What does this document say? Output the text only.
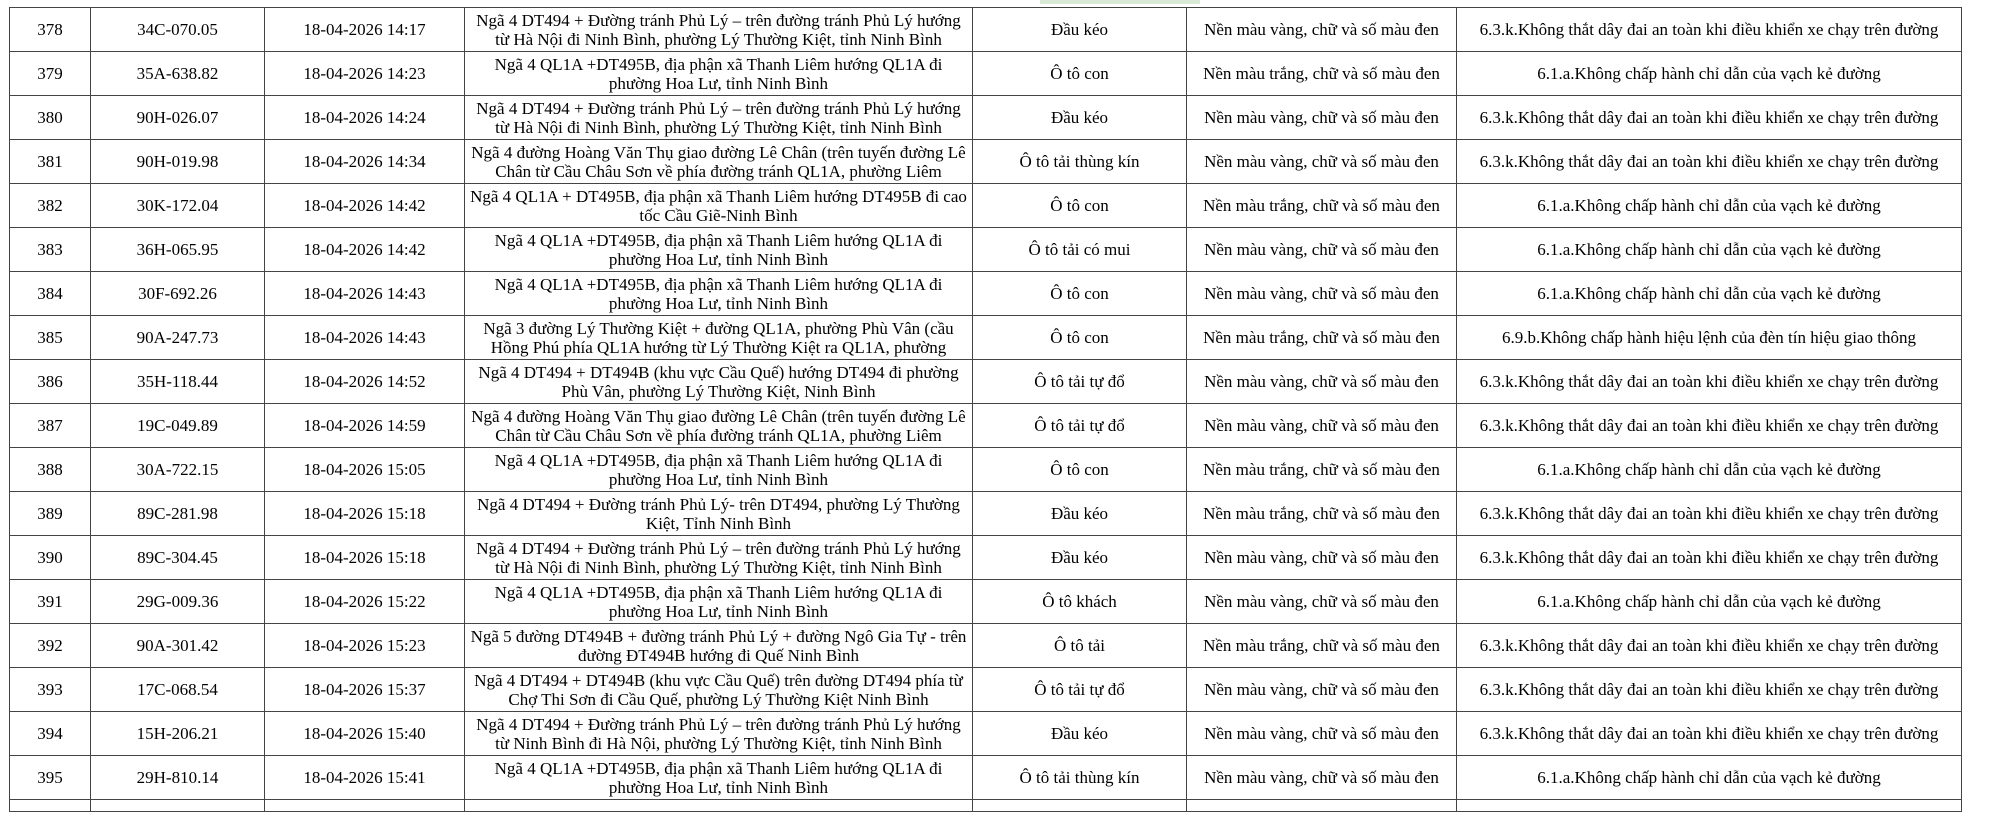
378	34C-070.05	18-04-2026 14:17	Ngã 4 DT494 + Đường tránh Phủ Lý – trên đường tránh Phủ Lý hướng từ Hà Nội đi Ninh Bình, phường Lý Thường Kiệt, tỉnh Ninh Bình	Đầu kéo	Nền màu vàng, chữ và số màu đen	6.3.k.Không thắt dây đai an toàn khi điều khiển xe chạy trên đường
379	35A-638.82	18-04-2026 14:23	Ngã 4 QL1A +DT495B, địa phận xã Thanh Liêm hướng QL1A đi phường Hoa Lư, tỉnh Ninh Bình	Ô tô con	Nền màu trắng, chữ và số màu đen	6.1.a.Không chấp hành chỉ dẫn của vạch kẻ đường
380	90H-026.07	18-04-2026 14:24	Ngã 4 DT494 + Đường tránh Phủ Lý – trên đường tránh Phủ Lý hướng từ Hà Nội đi Ninh Bình, phường Lý Thường Kiệt, tỉnh Ninh Bình	Đầu kéo	Nền màu vàng, chữ và số màu đen	6.3.k.Không thắt dây đai an toàn khi điều khiển xe chạy trên đường
381	90H-019.98	18-04-2026 14:34	Ngã 4 đường Hoàng Văn Thụ giao đường Lê Chân (trên tuyến đường Lê Chân từ Cầu Châu Sơn về phía đường tránh QL1A, phường Liêm	Ô tô tải thùng kín	Nền màu vàng, chữ và số màu đen	6.3.k.Không thắt dây đai an toàn khi điều khiển xe chạy trên đường
382	30K-172.04	18-04-2026 14:42	Ngã 4 QL1A + DT495B, địa phận xã Thanh Liêm hướng DT495B đi cao tốc Cầu Giẽ-Ninh Bình	Ô tô con	Nền màu trắng, chữ và số màu đen	6.1.a.Không chấp hành chỉ dẫn của vạch kẻ đường
383	36H-065.95	18-04-2026 14:42	Ngã 4 QL1A +DT495B, địa phận xã Thanh Liêm hướng QL1A đi phường Hoa Lư, tỉnh Ninh Bình	Ô tô tải có mui	Nền màu vàng, chữ và số màu đen	6.1.a.Không chấp hành chỉ dẫn của vạch kẻ đường
384	30F-692.26	18-04-2026 14:43	Ngã 4 QL1A +DT495B, địa phận xã Thanh Liêm hướng QL1A đi phường Hoa Lư, tỉnh Ninh Bình	Ô tô con	Nền màu vàng, chữ và số màu đen	6.1.a.Không chấp hành chỉ dẫn của vạch kẻ đường
385	90A-247.73	18-04-2026 14:43	Ngã 3 đường Lý Thường Kiệt + đường QL1A, phường Phù Vân (cầu Hồng Phú phía QL1A hướng từ Lý Thường Kiệt ra QL1A, phường	Ô tô con	Nền màu trắng, chữ và số màu đen	6.9.b.Không chấp hành hiệu lệnh của đèn tín hiệu giao thông
386	35H-118.44	18-04-2026 14:52	Ngã 4 DT494 + DT494B (khu vực Cầu Quế) hướng DT494 đi phường Phù Vân, phường Lý Thường Kiệt, Ninh Bình	Ô tô tải tự đổ	Nền màu vàng, chữ và số màu đen	6.3.k.Không thắt dây đai an toàn khi điều khiển xe chạy trên đường
387	19C-049.89	18-04-2026 14:59	Ngã 4 đường Hoàng Văn Thụ giao đường Lê Chân (trên tuyến đường Lê Chân từ Cầu Châu Sơn về phía đường tránh QL1A, phường Liêm	Ô tô tải tự đổ	Nền màu vàng, chữ và số màu đen	6.3.k.Không thắt dây đai an toàn khi điều khiển xe chạy trên đường
388	30A-722.15	18-04-2026 15:05	Ngã 4 QL1A +DT495B, địa phận xã Thanh Liêm hướng QL1A đi phường Hoa Lư, tỉnh Ninh Bình	Ô tô con	Nền màu trắng, chữ và số màu đen	6.1.a.Không chấp hành chỉ dẫn của vạch kẻ đường
389	89C-281.98	18-04-2026 15:18	Ngã 4 DT494 + Đường tránh Phủ Lý- trên DT494, phường Lý Thường Kiệt, Tỉnh Ninh Bình	Đầu kéo	Nền màu trắng, chữ và số màu đen	6.3.k.Không thắt dây đai an toàn khi điều khiển xe chạy trên đường
390	89C-304.45	18-04-2026 15:18	Ngã 4 DT494 + Đường tránh Phủ Lý – trên đường tránh Phủ Lý hướng từ Hà Nội đi Ninh Bình, phường Lý Thường Kiệt, tỉnh Ninh Bình	Đầu kéo	Nền màu vàng, chữ và số màu đen	6.3.k.Không thắt dây đai an toàn khi điều khiển xe chạy trên đường
391	29G-009.36	18-04-2026 15:22	Ngã 4 QL1A +DT495B, địa phận xã Thanh Liêm hướng QL1A đi phường Hoa Lư, tỉnh Ninh Bình	Ô tô khách	Nền màu vàng, chữ và số màu đen	6.1.a.Không chấp hành chỉ dẫn của vạch kẻ đường
392	90A-301.42	18-04-2026 15:23	Ngã 5 đường DT494B + đường tránh Phủ Lý + đường Ngô Gia Tự - trên đường ĐT494B hướng đi Quế Ninh Bình	Ô tô tải	Nền màu trắng, chữ và số màu đen	6.3.k.Không thắt dây đai an toàn khi điều khiển xe chạy trên đường
393	17C-068.54	18-04-2026 15:37	Ngã 4 DT494 + DT494B (khu vực Cầu Quế) trên đường DT494 phía từ Chợ Thi Sơn đi Cầu Quế, phường Lý Thường Kiệt Ninh Bình	Ô tô tải tự đổ	Nền màu vàng, chữ và số màu đen	6.3.k.Không thắt dây đai an toàn khi điều khiển xe chạy trên đường
394	15H-206.21	18-04-2026 15:40	Ngã 4 DT494 + Đường tránh Phủ Lý – trên đường tránh Phủ Lý hướng từ Ninh Bình đi Hà Nội, phường Lý Thường Kiệt, tỉnh Ninh Bình	Đầu kéo	Nền màu vàng, chữ và số màu đen	6.3.k.Không thắt dây đai an toàn khi điều khiển xe chạy trên đường
395	29H-810.14	18-04-2026 15:41	Ngã 4 QL1A +DT495B, địa phận xã Thanh Liêm hướng QL1A đi phường Hoa Lư, tỉnh Ninh Bình	Ô tô tải thùng kín	Nền màu vàng, chữ và số màu đen	6.1.a.Không chấp hành chỉ dẫn của vạch kẻ đường
